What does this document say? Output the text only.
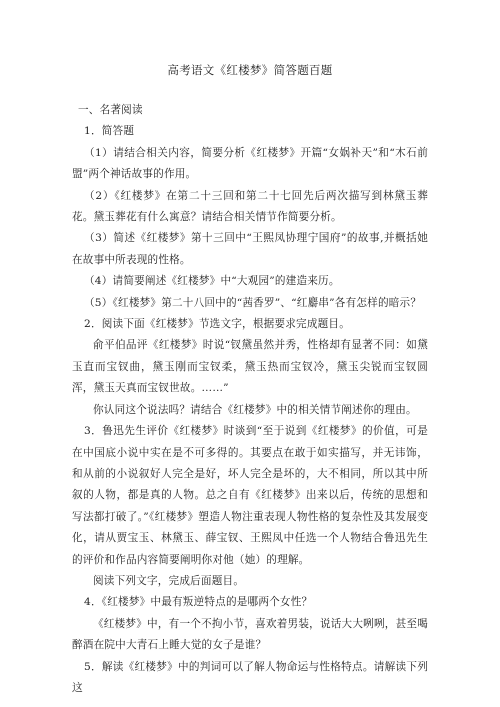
高考语文《红楼梦》简答题百题

一、名著阅读

1．简答题

（1）请结合相关内容，简要分析《红楼梦》开篇“女娲补天”和“木石前盟”两个神话故事的作用。

（2）《红楼梦》在第二十三回和第二十七回先后两次描写到林黛玉葬花。黛玉葬花有什么寓意？请结合相关情节作简要分析。

（3）简述《红楼梦》第十三回中“王熙凤协理宁国府”的故事,并概括她在故事中所表现的性格。

（4）请简要阐述《红楼梦》中“大观园”的建造来历。

（5）《红楼梦》第二十八回中的“茜香罗”、“红麝串”各有怎样的暗示？

2．阅读下面《红楼梦》节选文字，根据要求完成题目。

俞平伯品评《红楼梦》时说“钗黛虽然并秀，性格却有显著不同：如黛玉直而宝钗曲，黛玉刚而宝钗柔，黛玉热而宝钗冷，黛玉尖锐而宝钗圆浑，黛玉天真而宝钗世故。……”

你认同这个说法吗？请结合《红楼梦》中的相关情节阐述你的理由。

3．鲁迅先生评价《红楼梦》时谈到“至于说到《红楼梦》的价值，可是在中国底小说中实在是不可多得的。其要点在敢于如实描写，并无讳饰，和从前的小说叙好人完全是好，坏人完全是坏的，大不相同，所以其中所叙的人物，都是真的人物。总之自有《红楼梦》出来以后，传统的思想和写法都打破了。”《红楼梦》塑造人物注重表现人物性格的复杂性及其发展变化，请从贾宝玉、林黛玉、薛宝钗、王熙凤中任选一个人物结合鲁迅先生的评价和作品内容简要阐明你对他（她）的理解。

阅读下列文字，完成后面题目。

4．《红楼梦》中最有叛逆特点的是哪两个女性？

《红楼梦》中，有一个不拘小节，喜欢着男装，说话大大咧咧，甚至喝醉酒在院中大青石上睡大觉的女子是谁？

5．解读《红楼梦》中的判词可以了解人物命运与性格特点。请解读下列这
